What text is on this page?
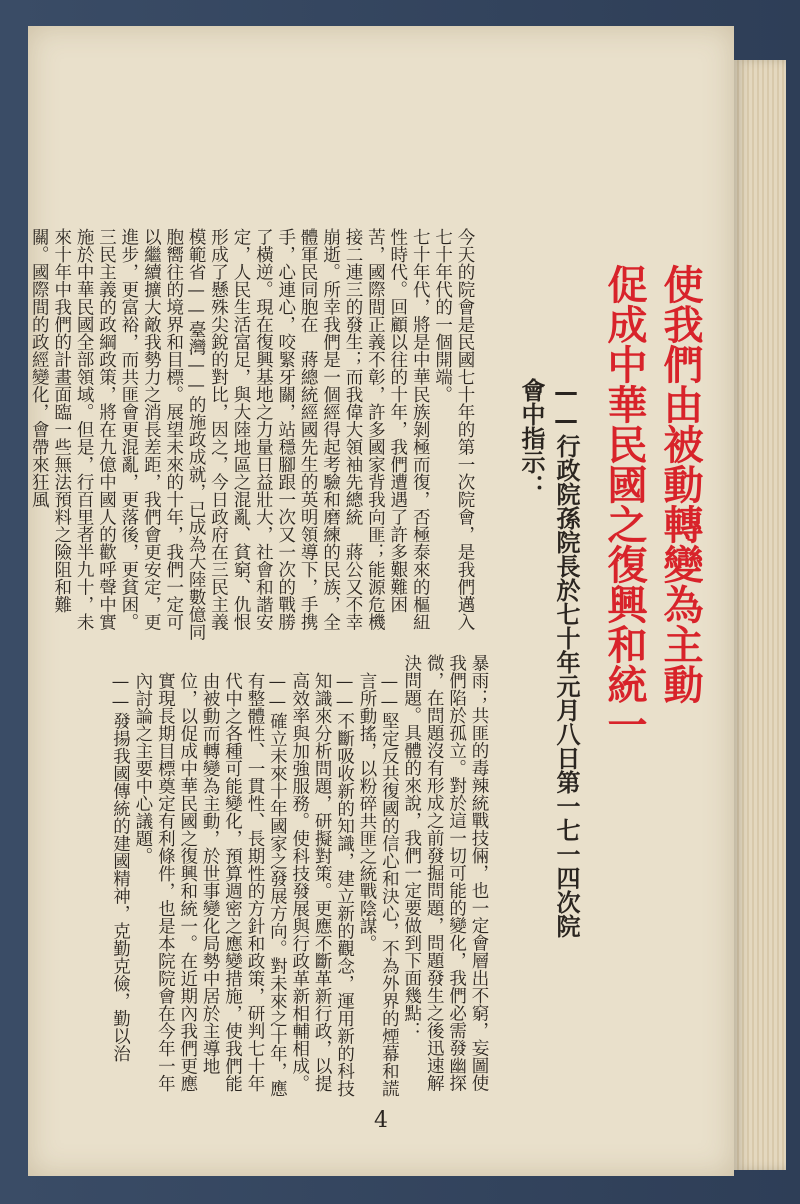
使我們由被動轉變為主動
促成中華民國之復興和統一
——行政院孫院長於七十年元月八日第一七一四次院會中指示：

今天的院會是民國七十年的第一次院會，是我們邁入七十年代的一個開端。

七十年代，將是中華民族剝極而復，否極泰來的樞紐性時代。回顧以往的十年，我們遭遇了許多艱難困苦，國際間正義不彰，許多國家背我向匪；能源危機接二連三的發生；而我偉大領袖先總統　蔣公又不幸崩逝。所幸我們是一個經得起考驗和磨練的民族，全體軍民同胞在　蔣總統經國先生的英明領導下，手携手，心連心，咬緊牙關，站穩腳跟一次又一次的戰勝了橫逆。現在復興基地之力量日益壯大，社會和諧安定，人民生活富足，與大陸地區之混亂、貧窮、仇恨形成了懸殊尖銳的對比，因之，今日政府在三民主義模範省——臺灣——的施政成就，已成為大陸數億同胞嚮往的境界和目標。展望未來的十年，我們一定可以繼續擴大敵我勢力之消長差距，我們會更安定，更進步，更富裕，而共匪會更混亂，更落後，更貧困。三民主義的政綱政策，將在九億中國人的歡呼聲中實施於中華民國全部領域。但是，行百里者半九十，未來十年中我們的計畫面臨一些無法預料之險阻和難關。國際間的政經變化，會帶來狂風

暴雨；共匪的毒辣統戰技倆，也一定會層出不窮，妄圖使我們陷於孤立。對於這一切可能的變化，我們必需發幽探微，在問題沒有形成之前發掘問題，問題發生之後迅速解決問題。具體的來說，我們一定要做到下面幾點：

——堅定反共復國的信心和決心，不為外界的煙幕和謊言所動搖，以粉碎共匪之統戰陰謀。

——不斷吸收新的知識，建立新的觀念，運用新的科技知識來分析問題，研擬對策。更應不斷革新行政，以提高效率與加強服務。使科技發展與行政革新相輔相成。

——確立未來十年國家之發展方向。對未來之十年，應有整體性、一貫性、長期性的方針和政策，研判七十年代中之各種可能變化，預算週密之應變措施，使我們能由被動而轉變為主動，於世事變化局勢中居於主導地位，以促成中華民國之復興和統一。在近期內我們更應實現長期目標奠定有利條件，也是本院院會在今年一年內討論之主要中心議題。

——發揚我國傳統的建國精神，克勤克儉，勤以治

4
